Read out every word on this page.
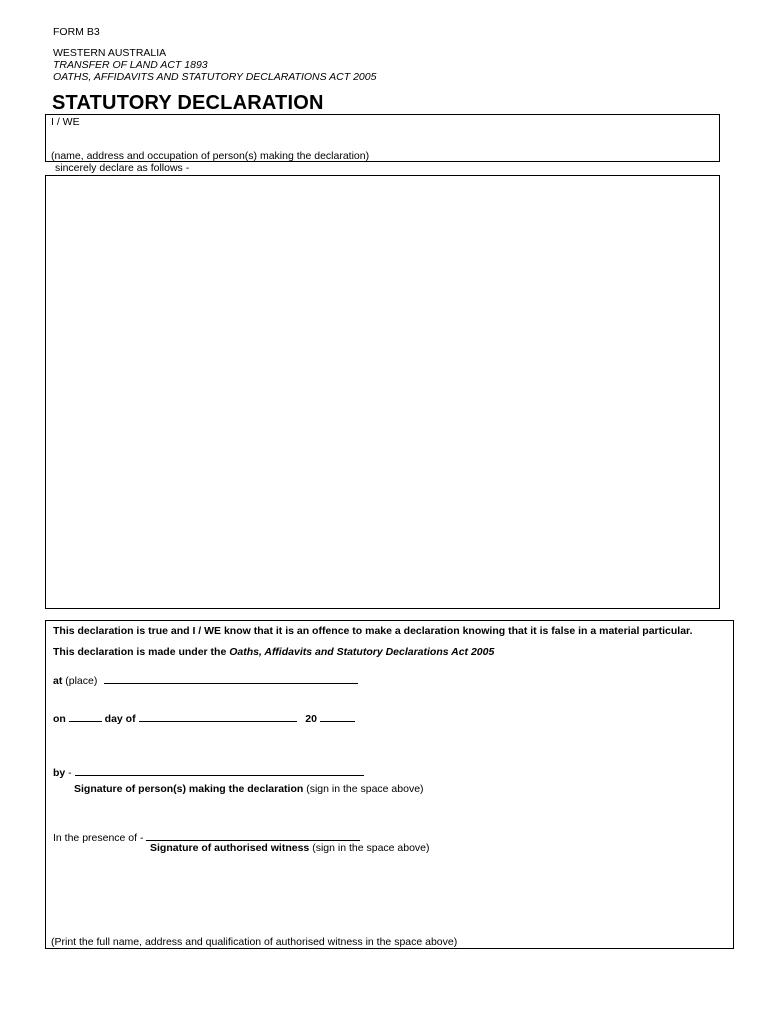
FORM B3
WESTERN AUSTRALIA
TRANSFER OF LAND ACT 1893
OATHS, AFFIDAVITS AND STATUTORY DECLARATIONS ACT 2005
STATUTORY DECLARATION
I / WE
(name, address and occupation of person(s) making the declaration)
sincerely declare as follows -
This declaration is true and I / WE know that it is an offence to make a declaration knowing that it is false in a material particular.
This declaration is made under the Oaths, Affidavits and Statutory Declarations Act 2005
at (place)
on	day of	20
by -
Signature of person(s) making the declaration (sign in the space above)
In the presence of -
Signature of authorised witness (sign in the space above)
(Print the full name, address and qualification of authorised witness in the space above)
